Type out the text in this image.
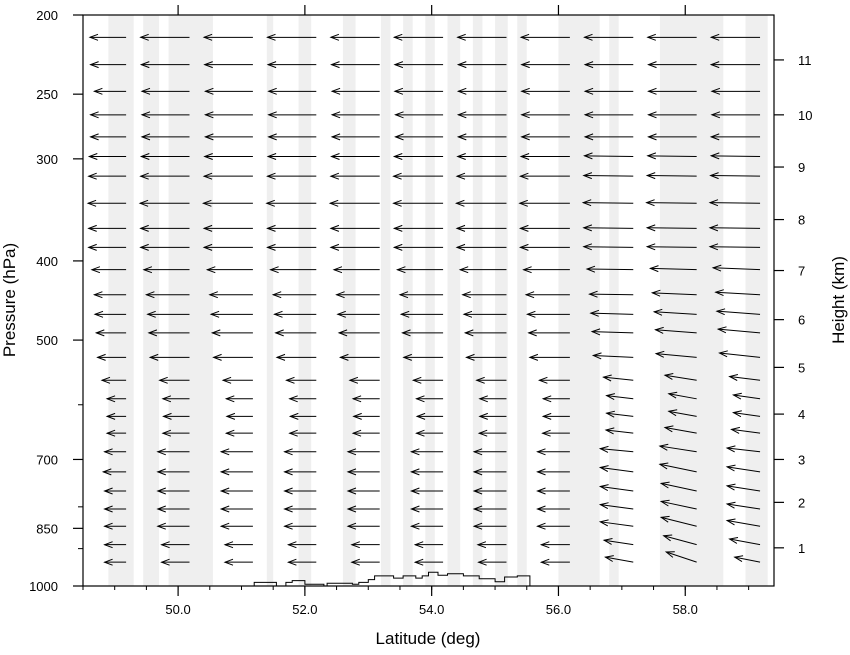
50.0	52.0	54.0	56.0	58.0
200
250
300
400
500
700
850
1000
1
2
3
4
5
6
7
8
9
10
11
Latitude (deg)
Pressure (hPa)	Height (km)
